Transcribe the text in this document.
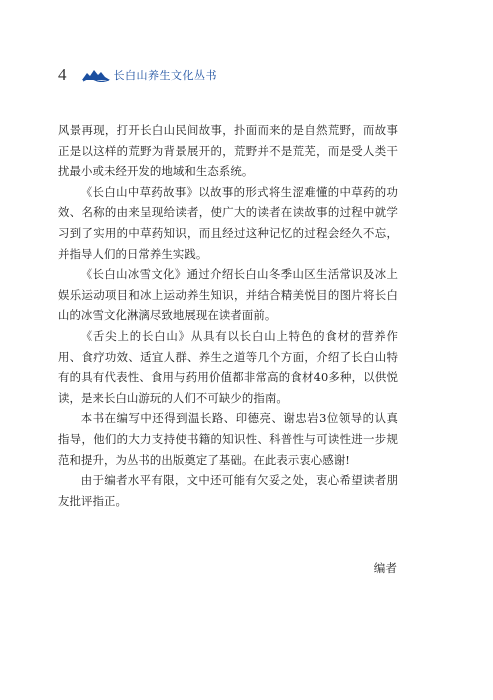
4	长白山养生文化丛书

风景再现，打开长白山民间故事，扑面而来的是自然荒野，而故事正是以这样的荒野为背景展开的，荒野并不是荒芜，而是受人类干扰最小或未经开发的地域和生态系统。

《长白山中草药故事》以故事的形式将生涩难懂的中草药的功效、名称的由来呈现给读者，使广大的读者在读故事的过程中就学习到了实用的中草药知识，而且经过这种记忆的过程会经久不忘，并指导人们的日常养生实践。

《长白山冰雪文化》通过介绍长白山冬季山区生活常识及冰上娱乐运动项目和冰上运动养生知识，并结合精美悦目的图片将长白山的冰雪文化淋漓尽致地展现在读者面前。

《舌尖上的长白山》从具有以长白山上特色的食材的营养作用、食疗功效、适宜人群、养生之道等几个方面，介绍了长白山特有的具有代表性、食用与药用价值都非常高的食材40多种，以供悦读，是来长白山游玩的人们不可缺少的指南。

本书在编写中还得到温长路、印德亮、谢忠岩3位领导的认真指导，他们的大力支持使书籍的知识性、科普性与可读性进一步规范和提升，为丛书的出版奠定了基础。在此表示衷心感谢!

由于编者水平有限，文中还可能有欠妥之处，衷心希望读者朋友批评指正。

编者
